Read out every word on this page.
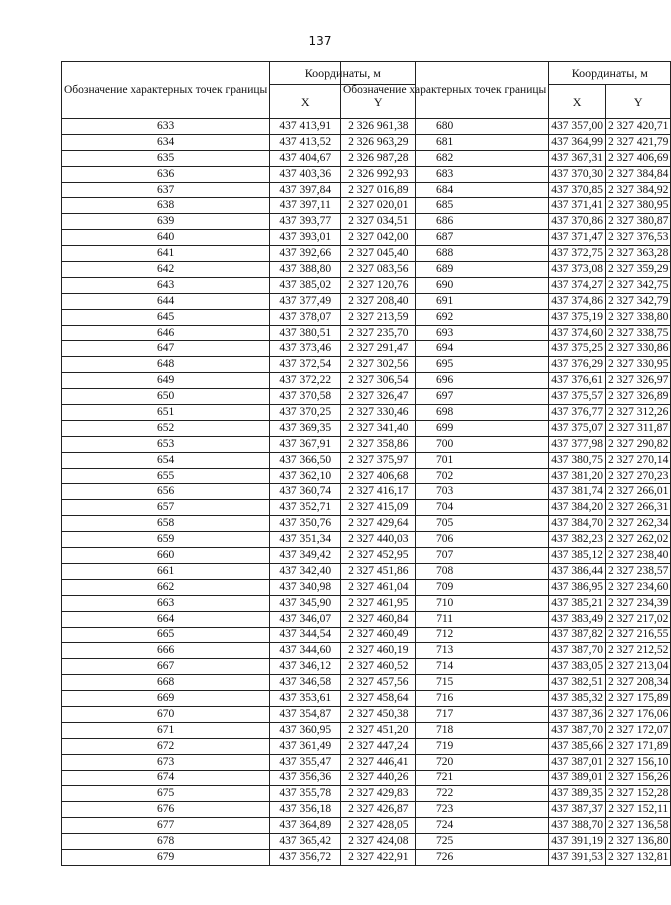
137
Обозначение характерных точек границы	Координаты, м	
	X	Y
633	437 413,91	2 326 961,38
634	437 413,52	2 326 963,29
635	437 404,67	2 326 987,28
636	437 403,36	2 326 992,93
637	437 397,84	2 327 016,89
638	437 397,11	2 327 020,01
639	437 393,77	2 327 034,51
640	437 393,01	2 327 042,00
641	437 392,66	2 327 045,40
642	437 388,80	2 327 083,56
643	437 385,02	2 327 120,76
644	437 377,49	2 327 208,40
645	437 378,07	2 327 213,59
646	437 380,51	2 327 235,70
647	437 373,46	2 327 291,47
648	437 372,54	2 327 302,56
649	437 372,22	2 327 306,54
650	437 370,58	2 327 326,47
651	437 370,25	2 327 330,46
652	437 369,35	2 327 341,40
653	437 367,91	2 327 358,86
654	437 366,50	2 327 375,97
655	437 362,10	2 327 406,68
656	437 360,74	2 327 416,17
657	437 352,71	2 327 415,09
658	437 350,76	2 327 429,64
659	437 351,34	2 327 440,03
660	437 349,42	2 327 452,95
661	437 342,40	2 327 451,86
662	437 340,98	2 327 461,04
663	437 345,90	2 327 461,95
664	437 346,07	2 327 460,84
665	437 344,54	2 327 460,49
666	437 344,60	2 327 460,19
667	437 346,12	2 327 460,52
668	437 346,58	2 327 457,56
669	437 353,61	2 327 458,64
670	437 354,87	2 327 450,38
671	437 360,95	2 327 451,20
672	437 361,49	2 327 447,24
673	437 355,47	2 327 446,41
674	437 356,36	2 327 440,26
675	437 355,78	2 327 429,83
676	437 356,18	2 327 426,87
677	437 364,89	2 327 428,05
678	437 365,42	2 327 424,08
679	437 356,72	2 327 422,91
Обозначение характерных точек границы	Координаты, м	
	X	Y
680	437 357,00	2 327 420,71
681	437 364,99	2 327 421,79
682	437 367,31	2 327 406,69
683	437 370,30	2 327 384,84
684	437 370,85	2 327 384,92
685	437 371,41	2 327 380,95
686	437 370,86	2 327 380,87
687	437 371,47	2 327 376,53
688	437 372,75	2 327 363,28
689	437 373,08	2 327 359,29
690	437 374,27	2 327 342,75
691	437 374,86	2 327 342,79
692	437 375,19	2 327 338,80
693	437 374,60	2 327 338,75
694	437 375,25	2 327 330,86
695	437 376,29	2 327 330,95
696	437 376,61	2 327 326,97
697	437 375,57	2 327 326,89
698	437 376,77	2 327 312,26
699	437 375,07	2 327 311,87
700	437 377,98	2 327 290,82
701	437 380,75	2 327 270,14
702	437 381,20	2 327 270,23
703	437 381,74	2 327 266,01
704	437 384,20	2 327 266,31
705	437 384,70	2 327 262,34
706	437 382,23	2 327 262,02
707	437 385,12	2 327 238,40
708	437 386,44	2 327 238,57
709	437 386,95	2 327 234,60
710	437 385,21	2 327 234,39
711	437 383,49	2 327 217,02
712	437 387,82	2 327 216,55
713	437 387,70	2 327 212,52
714	437 383,05	2 327 213,04
715	437 382,51	2 327 208,34
716	437 385,32	2 327 175,89
717	437 387,36	2 327 176,06
718	437 387,70	2 327 172,07
719	437 385,66	2 327 171,89
720	437 387,01	2 327 156,10
721	437 389,01	2 327 156,26
722	437 389,35	2 327 152,28
723	437 387,37	2 327 152,11
724	437 388,70	2 327 136,58
725	437 391,19	2 327 136,80
726	437 391,53	2 327 132,81
